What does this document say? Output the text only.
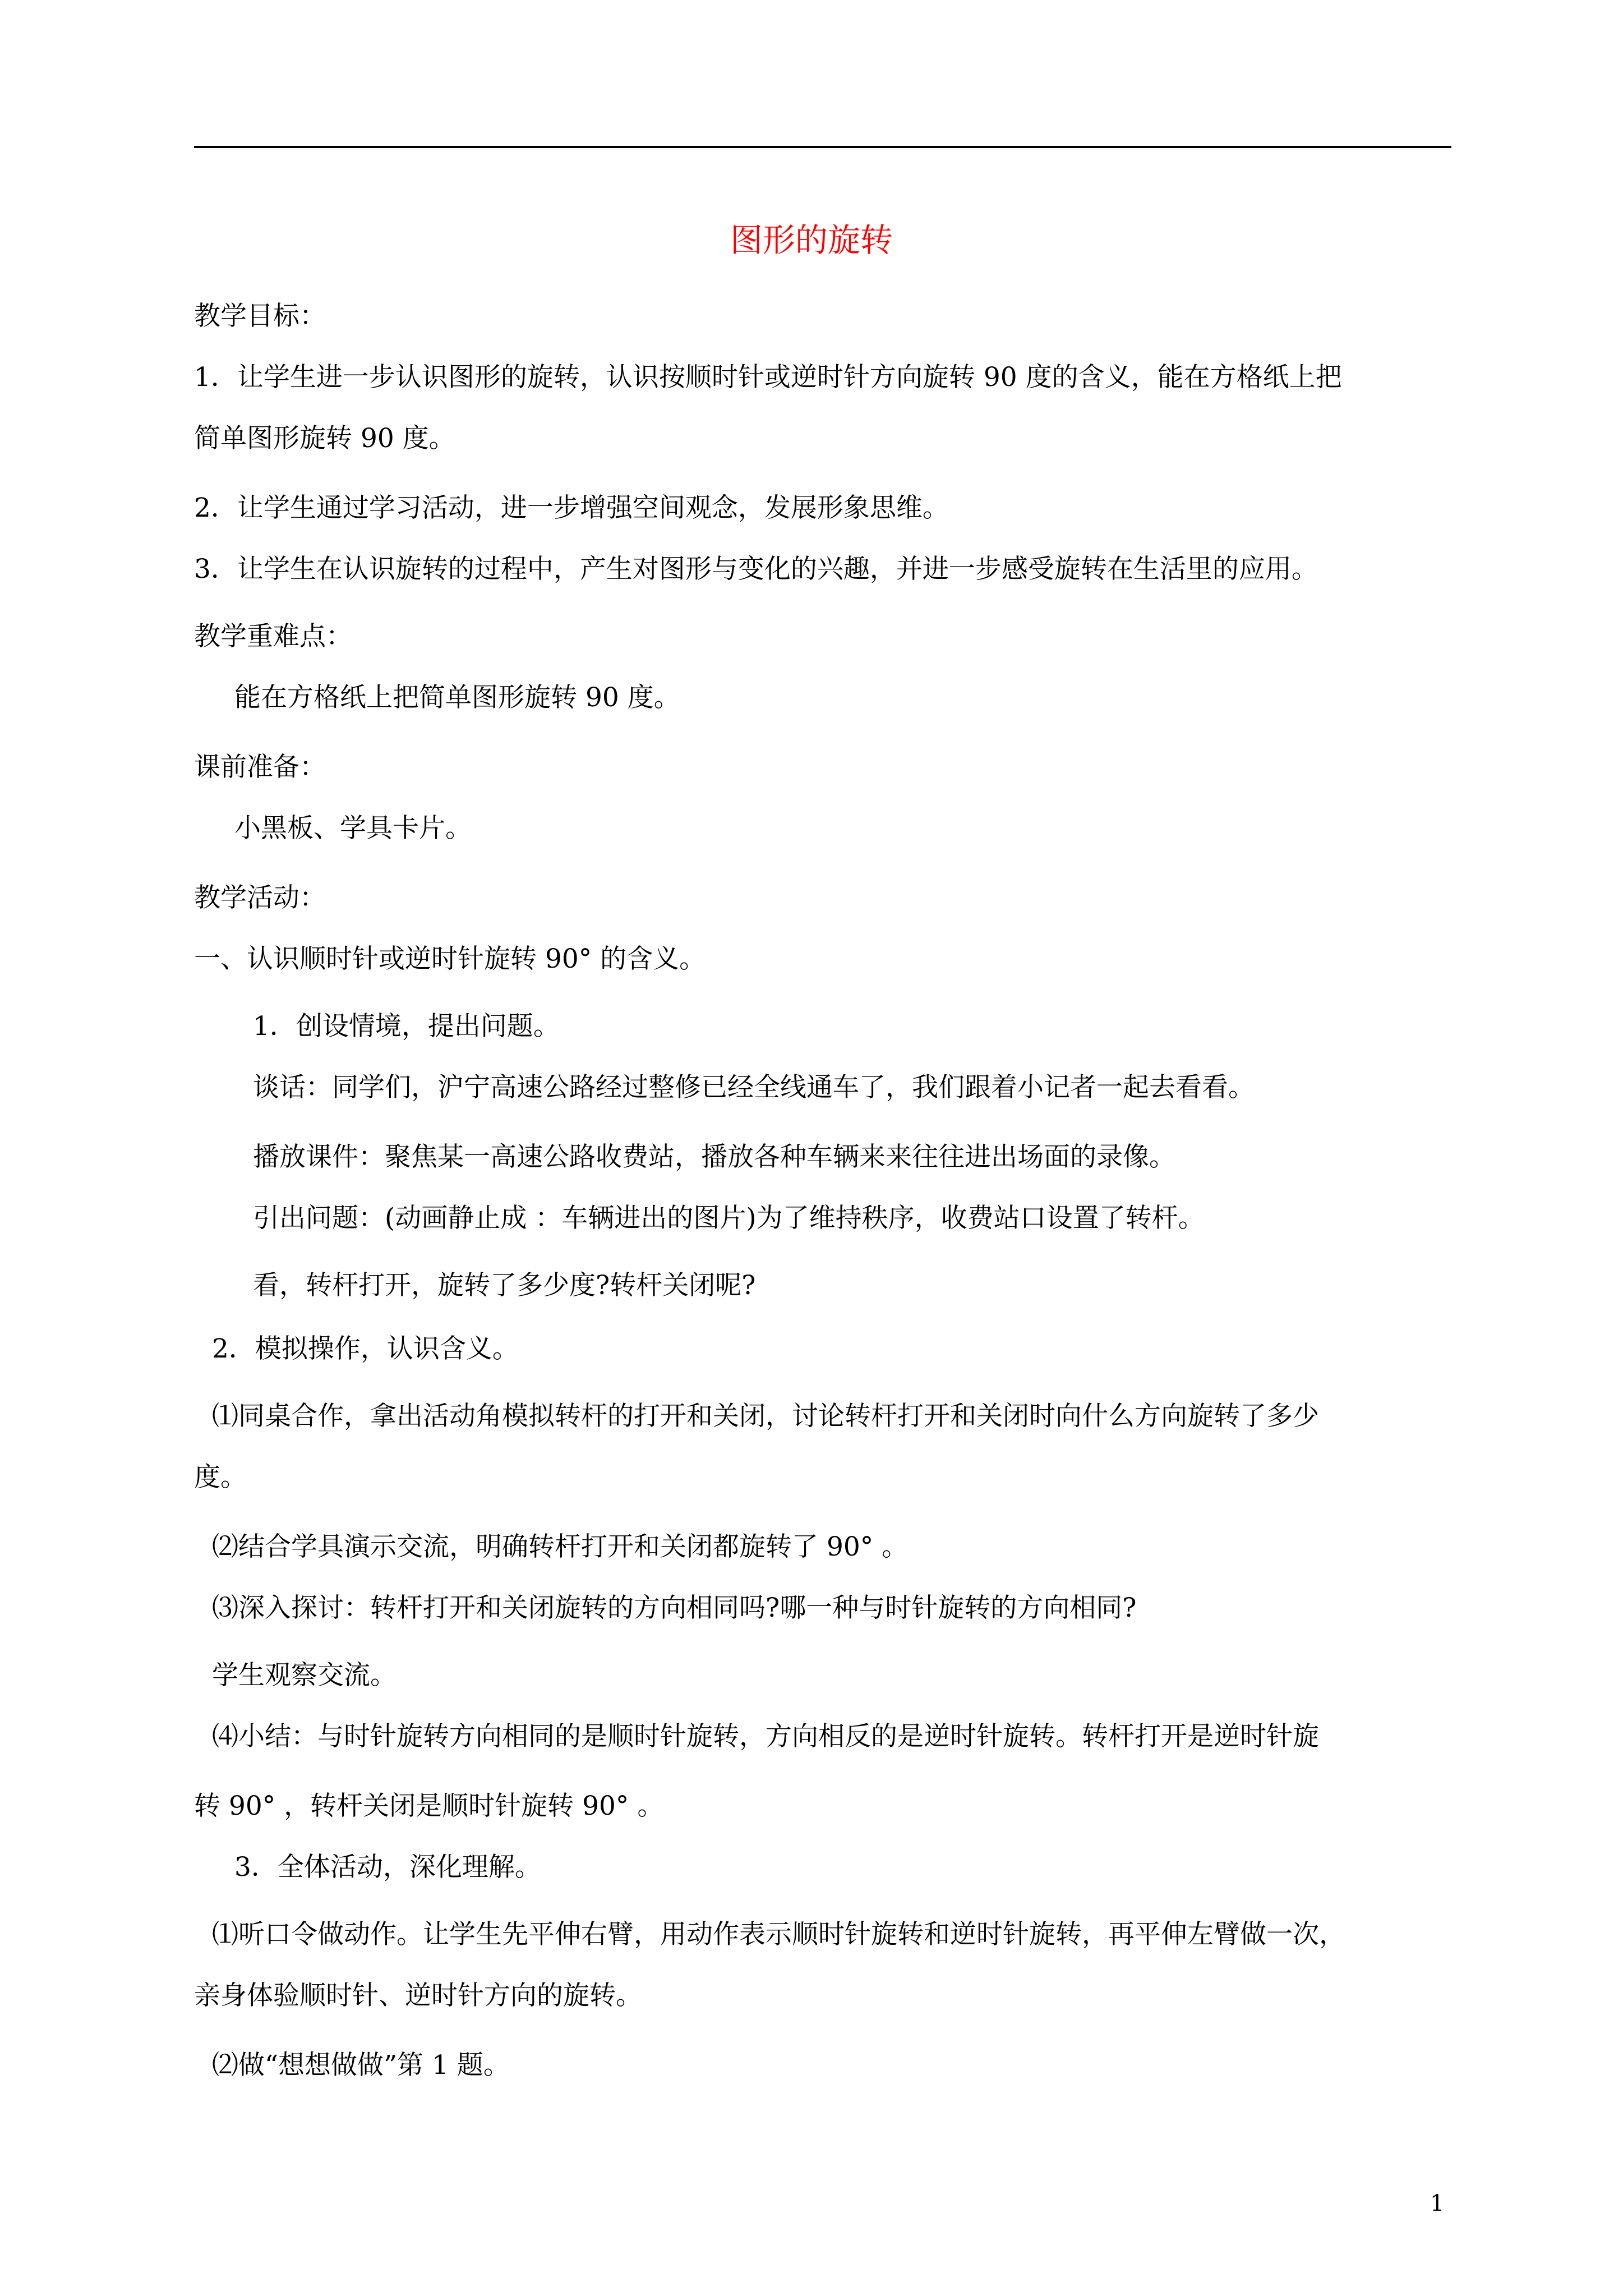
图形的旋转
教学目标：
1．让学生进一步认识图形的旋转，认识按顺时针或逆时针方向旋转 90 度的含义，能在方格纸上把
简单图形旋转 90 度。
2．让学生通过学习活动，进一步增强空间观念，发展形象思维。
3．让学生在认识旋转的过程中，产生对图形与变化的兴趣，并进一步感受旋转在生活里的应用。
教学重难点：
能在方格纸上把简单图形旋转 90 度。
课前准备：
小黑板、学具卡片。
教学活动：
一、认识顺时针或逆时针旋转 90° 的含义。
1．创设情境，提出问题。
谈话：同学们，沪宁高速公路经过整修已经全线通车了，我们跟着小记者一起去看看。
播放课件：聚焦某一高速公路收费站，播放各种车辆来来往往进出场面的录像。
引出问题：(动画静止成 ：车辆进出的图片)为了维持秩序，收费站口设置了转杆。
看，转杆打开，旋转了多少度?转杆关闭呢?
2．模拟操作，认识含义。
⑴同桌合作，拿出活动角模拟转杆的打开和关闭，讨论转杆打开和关闭时向什么方向旋转了多少
度。
⑵结合学具演示交流，明确转杆打开和关闭都旋转了 90° 。
⑶深入探讨：转杆打开和关闭旋转的方向相同吗?哪一种与时针旋转的方向相同?
学生观察交流。
⑷小结：与时针旋转方向相同的是顺时针旋转，方向相反的是逆时针旋转。转杆打开是逆时针旋
转 90° ，转杆关闭是顺时针旋转 90° 。
3．全体活动，深化理解。
⑴听口令做动作。让学生先平伸右臂，用动作表示顺时针旋转和逆时针旋转，再平伸左臂做一次，
亲身体验顺时针、逆时针方向的旋转。
⑵做“想想做做”第 1 题。
1
